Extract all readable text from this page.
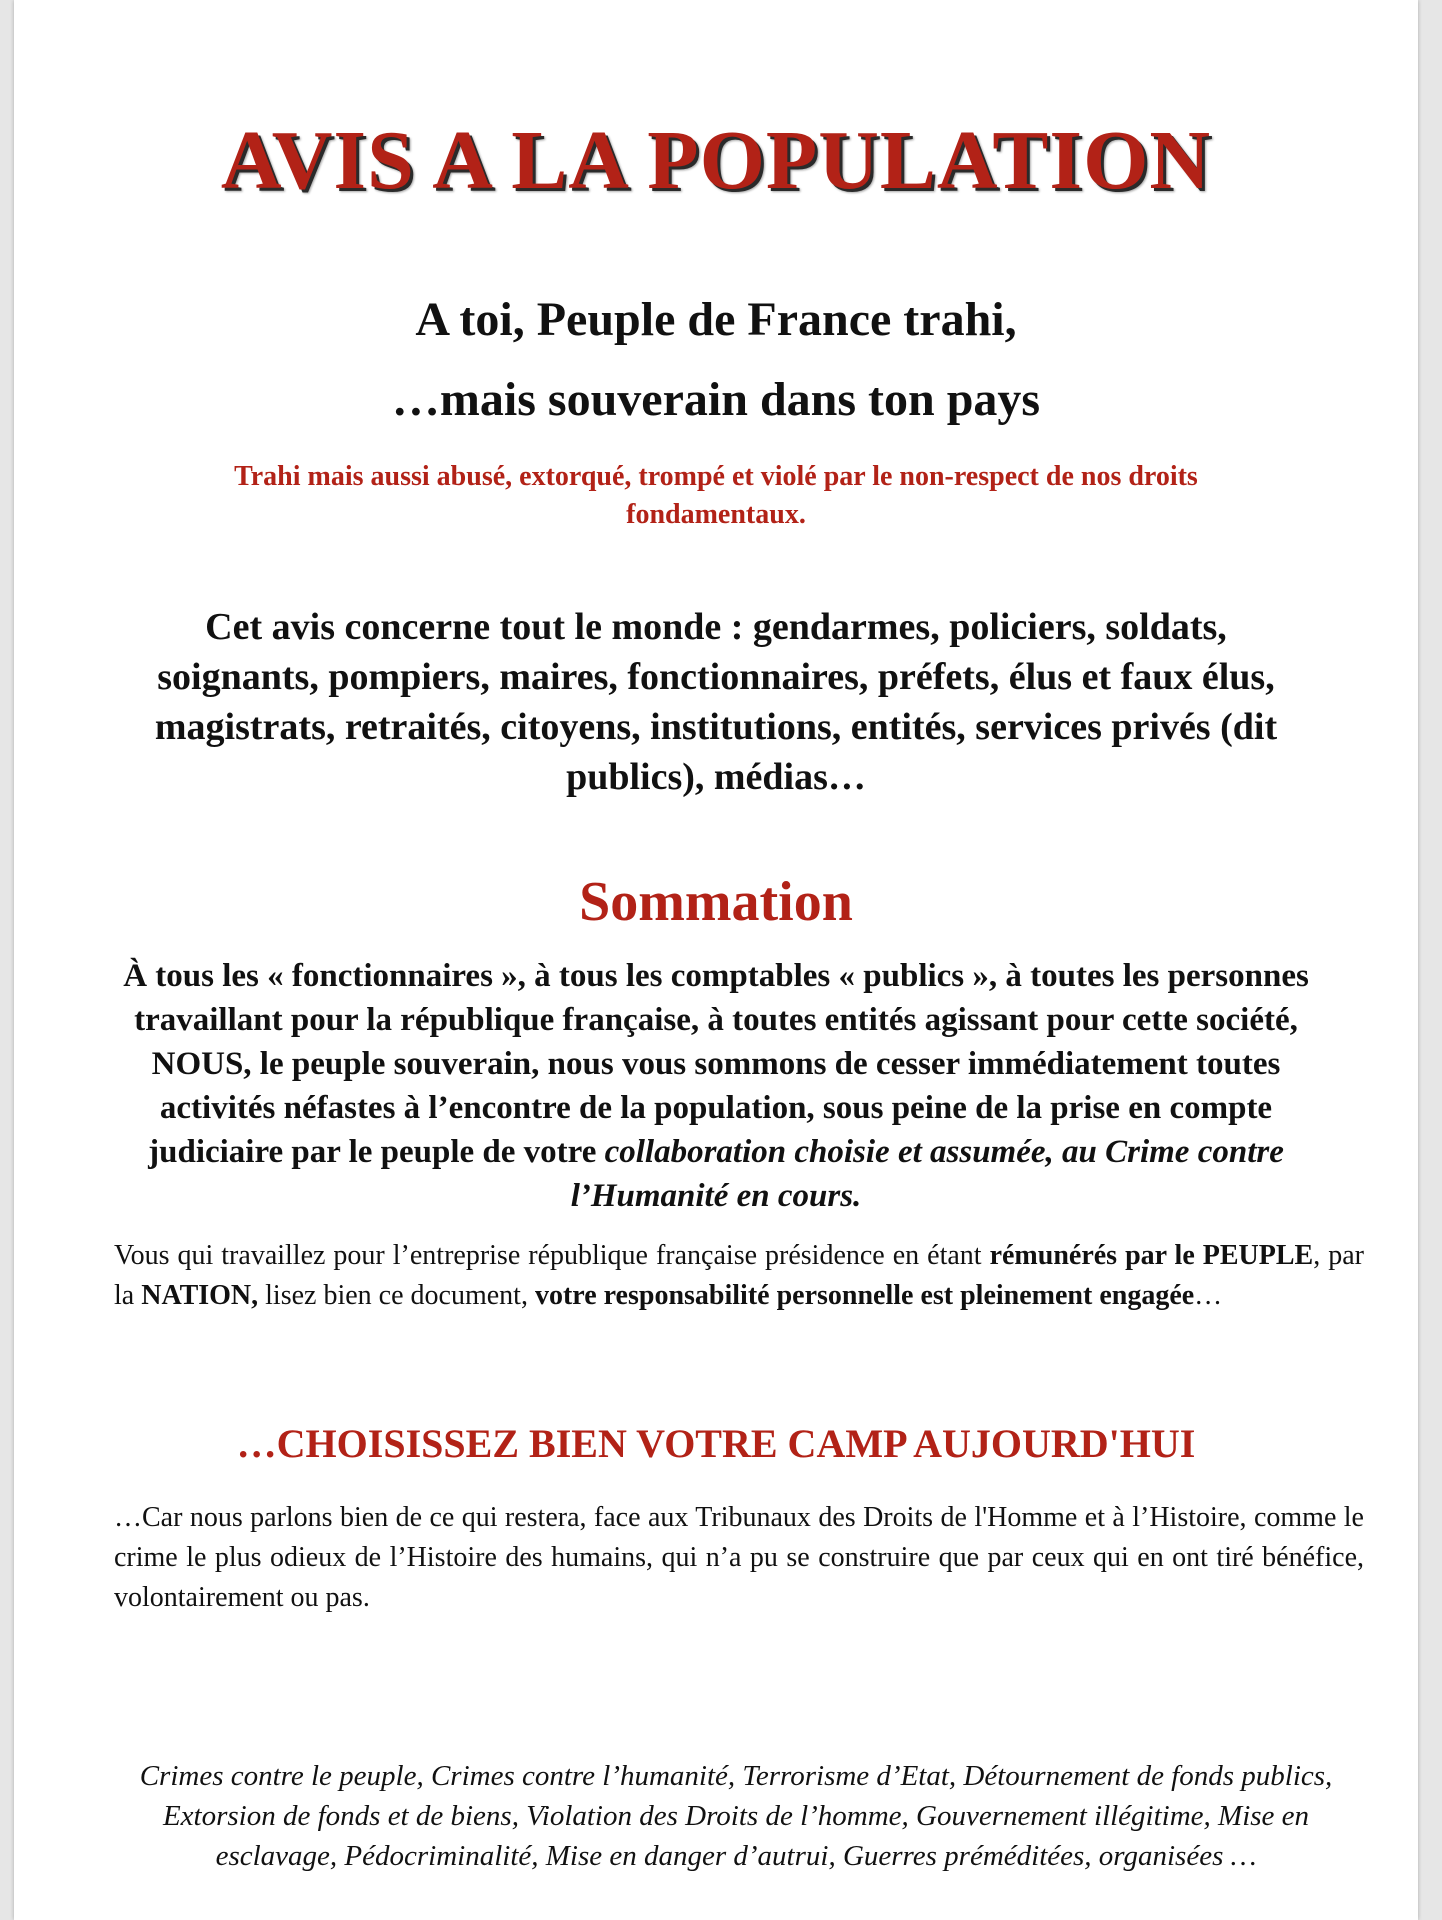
AVIS A LA POPULATION

A toi, Peuple de France trahi,

…mais souverain dans ton pays

Trahi mais aussi abusé, extorqué, trompé et violé par le non-respect de nos droits fondamentaux.

Cet avis concerne tout le monde : gendarmes, policiers, soldats, soignants, pompiers, maires, fonctionnaires, préfets, élus et faux élus, magistrats, retraités, citoyens, institutions, entités, services privés (dit publics), médias…

Sommation

À tous les « fonctionnaires », à tous les comptables « publics », à toutes les personnes travaillant pour la république française, à toutes entités agissant pour cette société, NOUS, le peuple souverain, nous vous sommons de cesser immédiatement toutes activités néfastes à l’encontre de la population, sous peine de la prise en compte judiciaire par le peuple de votre collaboration choisie et assumée, au Crime contre l’Humanité en cours.

Vous qui travaillez pour l’entreprise république française présidence en étant rémunérés par le PEUPLE, par la NATION, lisez bien ce document, votre responsabilité personnelle est pleinement engagée…

…CHOISISSEZ BIEN VOTRE CAMP AUJOURD'HUI

…Car nous parlons bien de ce qui restera, face aux Tribunaux des Droits de l'Homme et à l’Histoire, comme le crime le plus odieux de l’Histoire des humains, qui n’a pu se construire que par ceux qui en ont tiré bénéfice, volontairement ou pas.

Crimes contre le peuple, Crimes contre l’humanité, Terrorisme d’Etat, Détournement de fonds publics, Extorsion de fonds et de biens, Violation des Droits de l’homme, Gouvernement illégitime, Mise en esclavage, Pédocriminalité, Mise en danger d’autrui, Guerres préméditées, organisées …
